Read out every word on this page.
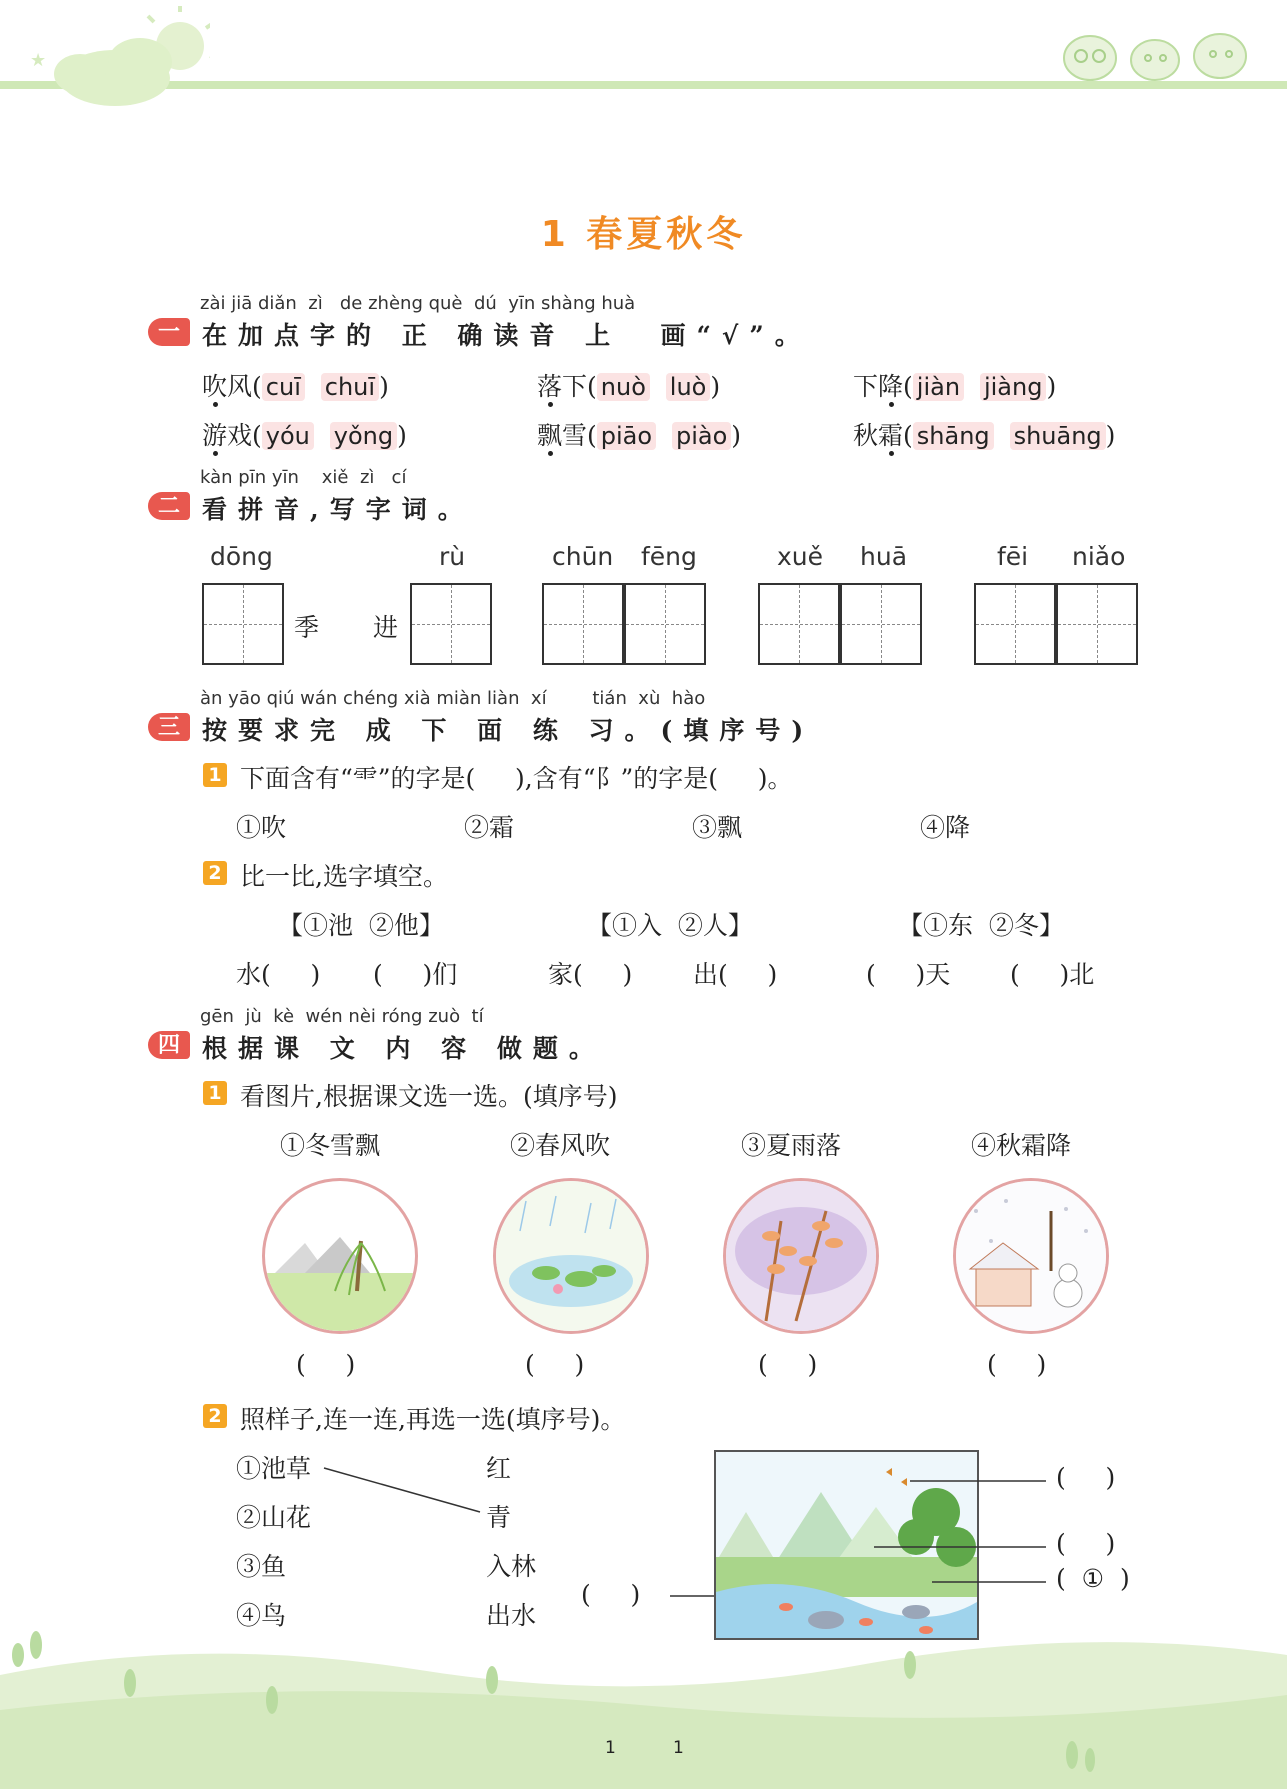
★
1 春夏秋冬
zài jiā diǎn  zì   de zhèng què  dú  yīn shàng huà
一 在加点字的 正 确读音 上  画“√”。
吹风( cuī chuī )	落下( nuò luò )	下降( jiàn jiàng )
游戏( yóu yǒng )	飘雪( piāo piào )	秋霜( shāng shuāng )
kàn pīn yīn    xiě  zì   cí
二 看拼音,写字词。
dōng	rù	chūn fēng	xuě huā	fēi niǎo
季 进
àn yāo qiú wán chéng xià miàn liàn  xí        tián  xù  hào
三 按要求完 成 下 面 练 习。(填序号)
1 下面含有“⻗”的字是(     ),含有“阝”的字是(     )。
①吹	②霜	③飘	④降
2 比一比,选字填空。
【①池  ②他】	【①入  ②人】	【①东  ②冬】
水(     ) (     )们	家(     ) 出(     )	(     )天 (     )北
gēn  jù  kè  wén nèi róng zuò  tí
四 根据课 文 内 容 做题。
1 看图片,根据课文选一选。(填序号)
①冬雪飘	②春风吹	③夏雨落	④秋霜降
(     )	(     )	(     )	(     )
2 照样子,连一连,再选一选(填序号)。
①池草
②山花
③鱼
④鸟
红
青
入林
出水
(     )
(     )
(     )
(  ①  )
1	1
